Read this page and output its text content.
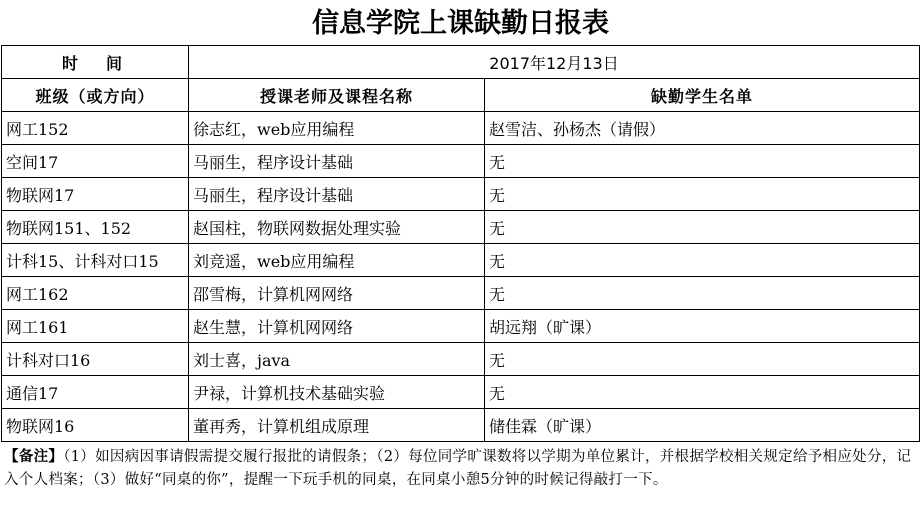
信息学院上课缺勤日报表
时　间	2017年12月13日	
班级（或方向）	授课老师及课程名称	缺勤学生名单
网工152	徐志红，web应用编程	赵雪洁、孙杨杰（请假）
空间17	马丽生，程序设计基础	无
物联网17	马丽生，程序设计基础	无
物联网151、152	赵国柱，物联网数据处理实验	无
计科15、计科对口15	刘竞遥，web应用编程	无
网工162	邵雪梅，计算机网网络	无
网工161	赵生慧，计算机网网络	胡远翔（旷课）
计科对口16	刘士喜，java	无
通信17	尹禄，计算机技术基础实验	无
物联网16	董再秀，计算机组成原理	储佳霖（旷课）
【备注】（1）如因病因事请假需提交履行报批的请假条；（2）每位同学旷课数将以学期为单位累计，并根据学校相关规定给予相应处分，记入个人档案；（3）做好“同桌的你”，提醒一下玩手机的同桌，在同桌小憩5分钟的时候记得敲打一下。
